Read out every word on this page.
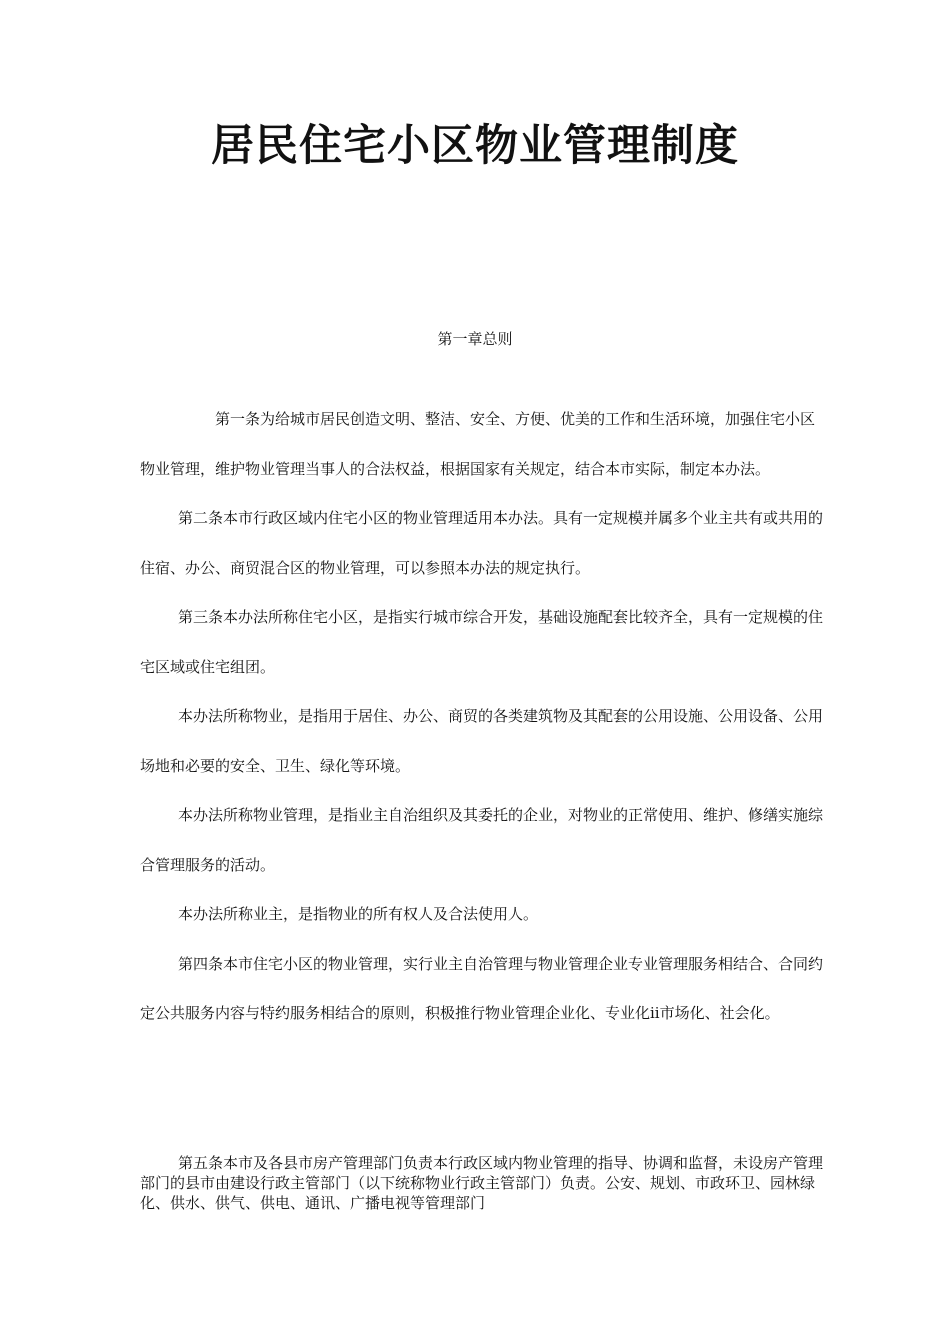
居民住宅小区物业管理制度

第一章总则

第一条为给城市居民创造文明、整洁、安全、方便、优美的工作和生活环境，加强住宅小区物业管理，维护物业管理当事人的合法权益，根据国家有关规定，结合本市实际，制定本办法。

第二条本市行政区域内住宅小区的物业管理适用本办法。具有一定规模并属多个业主共有或共用的住宿、办公、商贸混合区的物业管理，可以参照本办法的规定执行。

第三条本办法所称住宅小区，是指实行城市综合开发，基础设施配套比较齐全，具有一定规模的住宅区域或住宅组团。

本办法所称物业，是指用于居住、办公、商贸的各类建筑物及其配套的公用设施、公用设备、公用场地和必要的安全、卫生、绿化等环境。

本办法所称物业管理，是指业主自治组织及其委托的企业，对物业的正常使用、维护、修缮实施综合管理服务的活动。

本办法所称业主，是指物业的所有权人及合法使用人。

第四条本市住宅小区的物业管理，实行业主自治管理与物业管理企业专业管理服务相结合、合同约定公共服务内容与特约服务相结合的原则，积极推行物业管理企业化、专业化ii市场化、社会化。

第五条本市及各县市房产管理部门负责本行政区域内物业管理的指导、协调和监督，未设房产管理部门的县市由建设行政主管部门（以下统称物业行政主管部门）负责。公安、规划、市政环卫、园林绿化、供水、供气、供电、通讯、广播电视等管理部门
